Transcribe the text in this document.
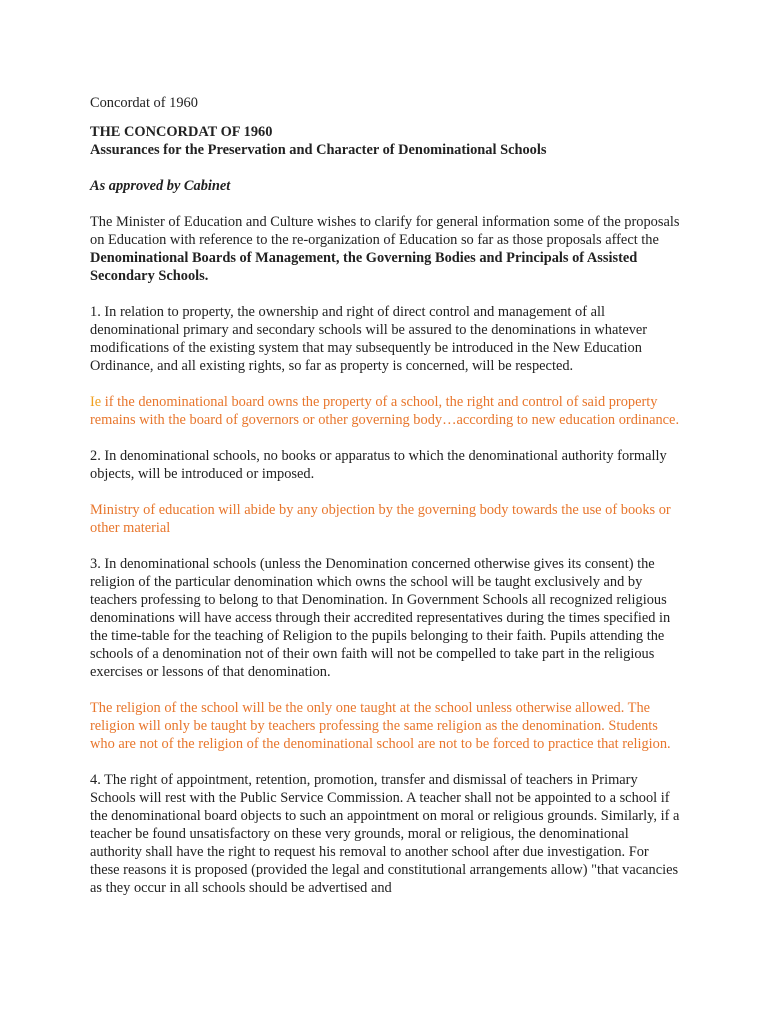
Concordat of 1960

THE CONCORDAT OF 1960
Assurances for the Preservation and Character of Denominational Schools

As approved by Cabinet

The Minister of Education and Culture wishes to clarify for general information some of the proposals on Education with reference to the re-organization of Education so far as those proposals affect the Denominational Boards of Management, the Governing Bodies and Principals of Assisted Secondary Schools.

1. In relation to property, the ownership and right of direct control and management of all denominational primary and secondary schools will be assured to the denominations in whatever modifications of the existing system that may subsequently be introduced in the New Education Ordinance, and all existing rights, so far as property is concerned, will be respected.

Ie if the denominational board owns the property of a school, the right and control of said property remains with the board of governors or other governing body…according to new education ordinance.

2. In denominational schools, no books or apparatus to which the denominational authority formally objects, will be introduced or imposed.

Ministry of education will abide by any objection by the governing body towards the use of books or other material

3. In denominational schools (unless the Denomination concerned otherwise gives its consent) the religion of the particular denomination which owns the school will be taught exclusively and by teachers professing to belong to that Denomination. In Government Schools all recognized religious denominations will have access through their accredited representatives during the times specified in the time-table for the teaching of Religion to the pupils belonging to their faith. Pupils attending the schools of a denomination not of their own faith will not be compelled to take part in the religious exercises or lessons of that denomination.

The religion of the school will be the only one taught at the school unless otherwise allowed. The religion will only be taught by teachers professing the same religion as the denomination. Students who are not of the religion of the denominational school are not to be forced to practice that religion.

4. The right of appointment, retention, promotion, transfer and dismissal of teachers in Primary Schools will rest with the Public Service Commission. A teacher shall not be appointed to a school if the denominational board objects to such an appointment on moral or religious grounds. Similarly, if a teacher be found unsatisfactory on these very grounds, moral or religious, the denominational authority shall have the right to request his removal to another school after due investigation. For these reasons it is proposed (provided the legal and constitutional arrangements allow) "that vacancies as they occur in all schools should be advertised and
